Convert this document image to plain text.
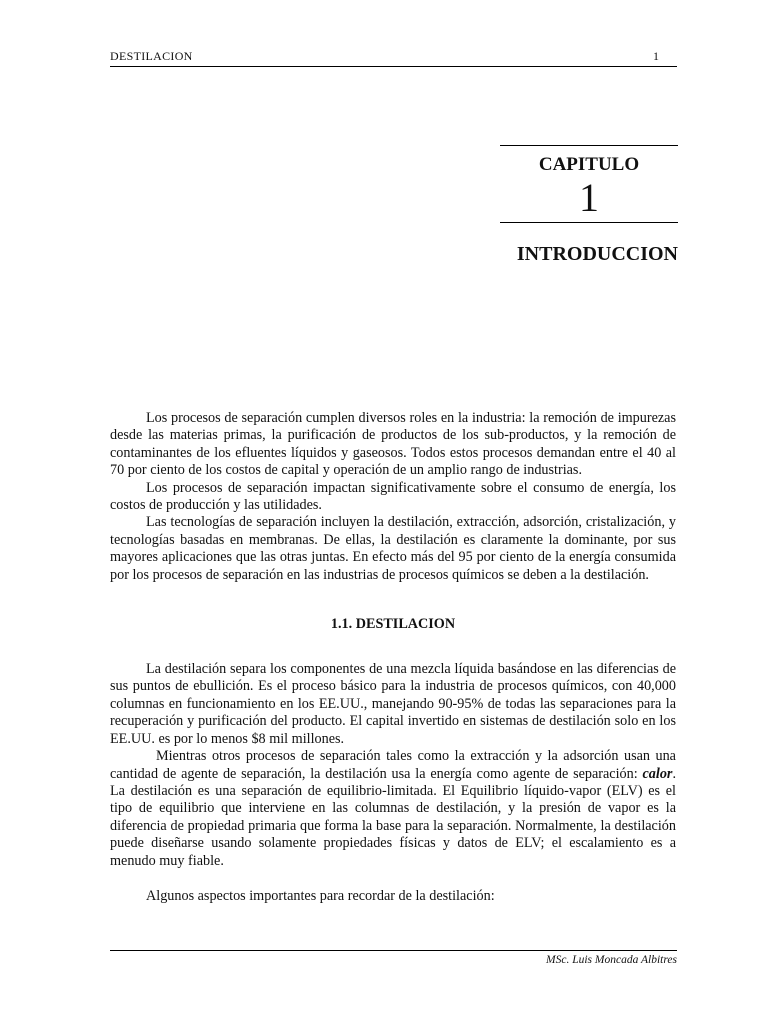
DESTILACION	1
CAPITULO
1
INTRODUCCION

Los procesos de separación cumplen diversos roles en la industria: la remoción de impurezas desde las materias primas, la purificación de productos de los sub-productos, y la remoción de contaminantes de los efluentes líquidos y gaseosos. Todos estos procesos demandan entre el 40 al 70 por ciento de los costos de capital y operación de un amplio rango de industrias.

Los procesos de separación impactan significativamente sobre el consumo de energía, los costos de producción y las utilidades.

Las tecnologías de separación incluyen la destilación, extracción, adsorción, cristalización, y tecnologías basadas en membranas. De ellas, la destilación es claramente la dominante, por sus mayores aplicaciones que las otras juntas. En efecto más del 95 por ciento de la energía consumida por los procesos de separación en las industrias de procesos químicos se deben a la destilación.

1.1. DESTILACION

La destilación separa los componentes de una mezcla líquida basándose en las diferencias de sus puntos de ebullición. Es el proceso básico para la industria de procesos químicos, con 40,000 columnas en funcionamiento en los EE.UU., manejando 90-95% de todas las separaciones para la recuperación y purificación del producto. El capital invertido en sistemas de destilación solo en los EE.UU. es por lo menos $8 mil millones.

Mientras otros procesos de separación tales como la extracción y la adsorción usan una cantidad de agente de separación, la destilación usa la energía como agente de separación: calor. La destilación es una separación de equilibrio-limitada. El Equilibrio líquido-vapor (ELV) es el tipo de equilibrio que interviene en las columnas de destilación, y la presión de vapor es la diferencia de propiedad primaria que forma la base para la separación. Normalmente, la destilación puede diseñarse usando solamente propiedades físicas y datos de ELV; el escalamiento es a menudo muy fiable.

Algunos aspectos importantes para recordar de la destilación:

MSc. Luis Moncada Albitres
